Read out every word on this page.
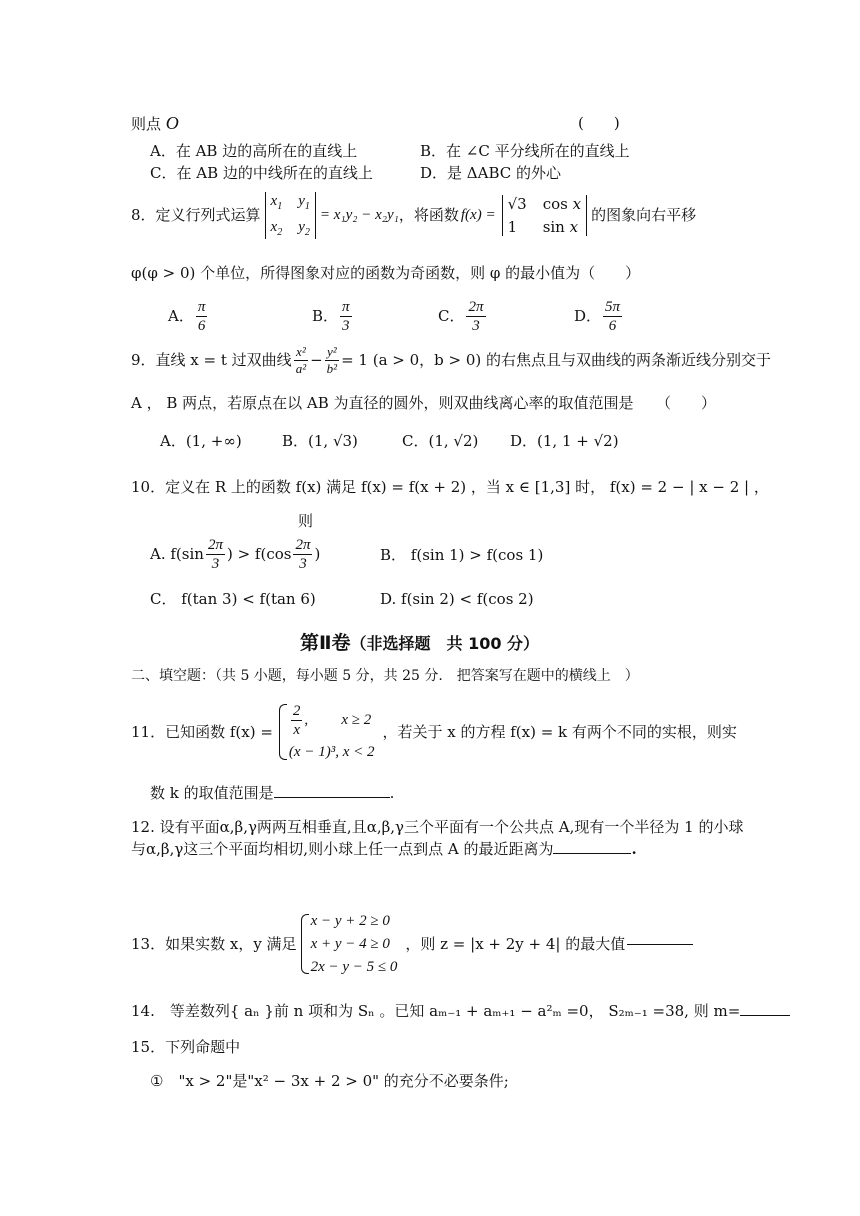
则点 O	(　　)
A．在 AB 边的高所在的直线上	B．在 ∠C 平分线所在的直线上
C．在 AB 边的中线所在的直线上	D．是 ΔABC 的外心
8．定义行列式运算
$x_1$ $y_1$
$x_2$ $y_2$
= x₁y₂ − x₂y₁ ，将函数 f(x) =
√3 cos x
1	sin x
的图象向右平移
φ(φ > 0) 个单位，所得图象对应的函数为奇函数，则 φ 的最小值为（　　）
A． $\frac{\pi}{6}$	B． $\frac{\pi}{3}$	C． $\frac{2\pi}{3}$	D． $\frac{5\pi}{6}$
9．直线 x = t 过双曲线 $\frac{\text{x²}}{\text{a²}} - \frac{\text{y²}}{\text{b²}} = 1$ (a > 0，b > 0) 的右焦点且与双曲线的两条渐近线分别交于
A ， B 两点，若原点在以 AB 为直径的圆外，则双曲线离心率的取值范围是　　（　　）
A．(1, +∞)	B．(1, √3)	C．(1, √2) D．(1, 1 + √2)
10．定义在 R 上的函数 f(x) 满足 f(x) = f(x + 2) ，当 x ∈ [1,3] 时， f(x) = 2 − | x − 2 | ，
则
A. $f(\sin \frac{2\pi}{3}$ ) > $f(\cos \frac{2\pi}{3}$ )	B． f(sin 1) > f(cos 1)
C． f(tan 3) < f(tan 6)	D. f(sin 2) < f(cos 2)
第Ⅱ卷（非选择题　共 100 分）
二、填空题：（共 5 小题，每小题 5 分，共 25 分.　把答案写在题中的横线上　）
11．已知函数 $f(x) = \frac{2}{x}$ , x ≥ 2
(x − 1)³, x < 2
，若关于 x 的方程 f(x) = k 有两个不同的实根，则实
数 k 的取值范围是	.
12. 设有平面α,β,γ两两互相垂直,且α,β,γ三个平面有一个公共点 A,现有一个半径为 1 的小球
与α,β,γ这三个平面均相切,则小球上任一点到点 A 的最近距离为	.
13．如果实数 x，y 满足
x − y + 2 ≥ 0
x + y − 4 ≥ 0
2x − y − 5 ≤ 0
，则 z = |x + 2y + 4| 的最大值
14.　等差数列{ aₙ }前 n 项和为 Sₙ 。已知 aₘ₋₁ + aₘ₊₁ − a²ₘ =0， S₂ₘ₋₁ =38, 则 m=
15．下列命题中
①　"x > 2"是"x² − 3x + 2 > 0" 的充分不必要条件;
